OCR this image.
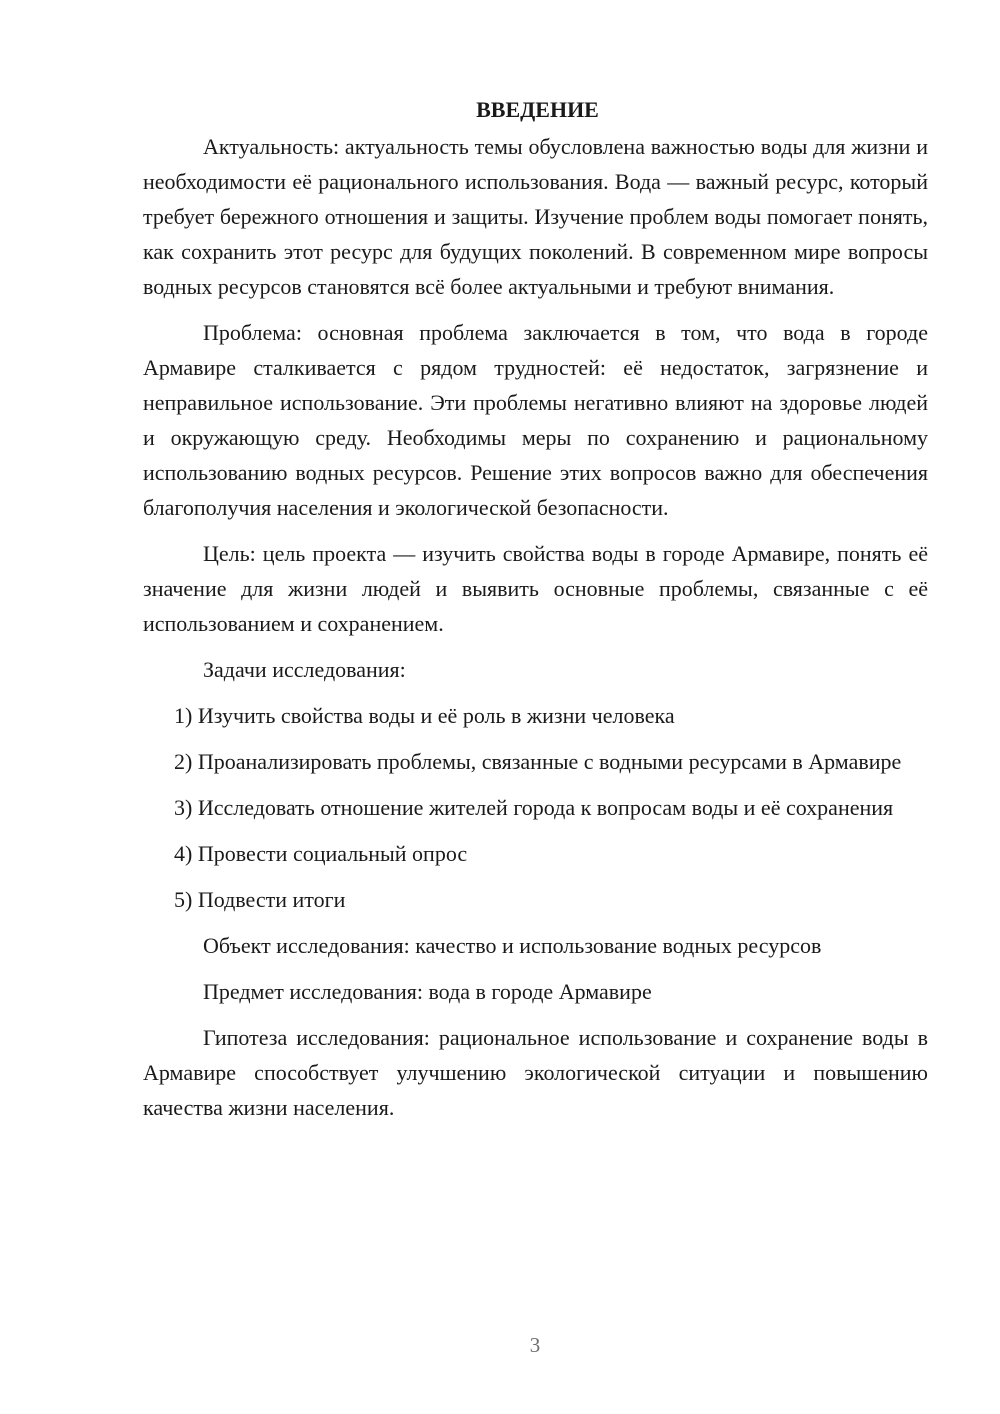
ВВЕДЕНИЕ

Актуальность: актуальность темы обусловлена важностью воды для жизни и необходимости её рационального использования. Вода — важный ресурс, который требует бережного отношения и защиты. Изучение проблем воды помогает понять, как сохранить этот ресурс для будущих поколений. В современном мире вопросы водных ресурсов становятся всё более актуальными и требуют внимания.

Проблема: основная проблема заключается в том, что вода в городе Армавире сталкивается с рядом трудностей: её недостаток, загрязнение и неправильное использование. Эти проблемы негативно влияют на здоровье людей и окружающую среду. Необходимы меры по сохранению и рациональному использованию водных ресурсов. Решение этих вопросов важно для обеспечения благополучия населения и экологической безопасности.

Цель: цель проекта — изучить свойства воды в городе Армавире, понять её значение для жизни людей и выявить основные проблемы, связанные с её использованием и сохранением.

Задачи исследования:

1) Изучить свойства воды и её роль в жизни человека

2) Проанализировать проблемы, связанные с водными ресурсами в Армавире

3) Исследовать отношение жителей города к вопросам воды и её сохранения

4) Провести социальный опрос

5) Подвести итоги

Объект исследования: качество и использование водных ресурсов

Предмет исследования: вода в городе Армавире

Гипотеза исследования: рациональное использование и сохранение воды в Армавире способствует улучшению экологической ситуации и повышению качества жизни населения.

3
